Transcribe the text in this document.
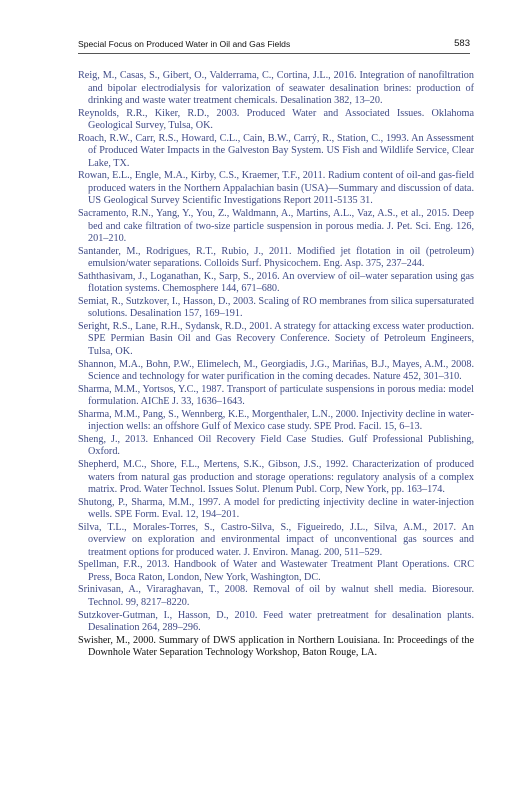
Special Focus on Produced Water in Oil and Gas Fields	583
Reig, M., Casas, S., Gibert, O., Valderrama, C., Cortina, J.L., 2016. Integration of nanofiltration and bipolar electrodialysis for valorization of seawater desalination brines: production of drinking and waste water treatment chemicals. Desalination 382, 13–20.
Reynolds, R.R., Kiker, R.D., 2003. Produced Water and Associated Issues. Oklahoma Geological Survey, Tulsa, OK.
Roach, R.W., Carr, R.S., Howard, C.L., Cain, B.W., Carrý, R., Station, C., 1993. An Assessment of Produced Water Impacts in the Galveston Bay System. US Fish and Wildlife Service, Clear Lake, TX.
Rowan, E.L., Engle, M.A., Kirby, C.S., Kraemer, T.F., 2011. Radium content of oil-and gas-field produced waters in the Northern Appalachian basin (USA)—Summary and discussion of data. US Geological Survey Scientific Investigations Report 2011-5135 31.
Sacramento, R.N., Yang, Y., You, Z., Waldmann, A., Martins, A.L., Vaz, A.S., et al., 2015. Deep bed and cake filtration of two-size particle suspension in porous media. J. Pet. Sci. Eng. 126, 201–210.
Santander, M., Rodrigues, R.T., Rubio, J., 2011. Modified jet flotation in oil (petroleum) emulsion/water separations. Colloids Surf. Physicochem. Eng. Asp. 375, 237–244.
Saththasivam, J., Loganathan, K., Sarp, S., 2016. An overview of oil–water separation using gas flotation systems. Chemosphere 144, 671–680.
Semiat, R., Sutzkover, I., Hasson, D., 2003. Scaling of RO membranes from silica supersaturated solutions. Desalination 157, 169–191.
Seright, R.S., Lane, R.H., Sydansk, R.D., 2001. A strategy for attacking excess water production. SPE Permian Basin Oil and Gas Recovery Conference. Society of Petroleum Engineers, Tulsa, OK.
Shannon, M.A., Bohn, P.W., Elimelech, M., Georgiadis, J.G., Mariñas, B.J., Mayes, A.M., 2008. Science and technology for water purification in the coming decades. Nature 452, 301–310.
Sharma, M.M., Yortsos, Y.C., 1987. Transport of particulate suspensions in porous media: model formulation. AIChE J. 33, 1636–1643.
Sharma, M.M., Pang, S., Wennberg, K.E., Morgenthaler, L.N., 2000. Injectivity decline in water-injection wells: an offshore Gulf of Mexico case study. SPE Prod. Facil. 15, 6–13.
Sheng, J., 2013. Enhanced Oil Recovery Field Case Studies. Gulf Professional Publishing, Oxford.
Shepherd, M.C., Shore, F.L., Mertens, S.K., Gibson, J.S., 1992. Characterization of produced waters from natural gas production and storage operations: regulatory analysis of a complex matrix. Prod. Water Technol. Issues Solut. Plenum Publ. Corp, New York, pp. 163–174.
Shutong, P., Sharma, M.M., 1997. A model for predicting injectivity decline in water-injection wells. SPE Form. Eval. 12, 194–201.
Silva, T.L., Morales-Torres, S., Castro-Silva, S., Figueiredo, J.L., Silva, A.M., 2017. An overview on exploration and environmental impact of unconventional gas sources and treatment options for produced water. J. Environ. Manag. 200, 511–529.
Spellman, F.R., 2013. Handbook of Water and Wastewater Treatment Plant Operations. CRC Press, Boca Raton, London, New York, Washington, DC.
Srinivasan, A., Viraraghavan, T., 2008. Removal of oil by walnut shell media. Bioresour. Technol. 99, 8217–8220.
Sutzkover-Gutman, I., Hasson, D., 2010. Feed water pretreatment for desalination plants. Desalination 264, 289–296.
Swisher, M., 2000. Summary of DWS application in Northern Louisiana. In: Proceedings of the Downhole Water Separation Technology Workshop, Baton Rouge, LA.
